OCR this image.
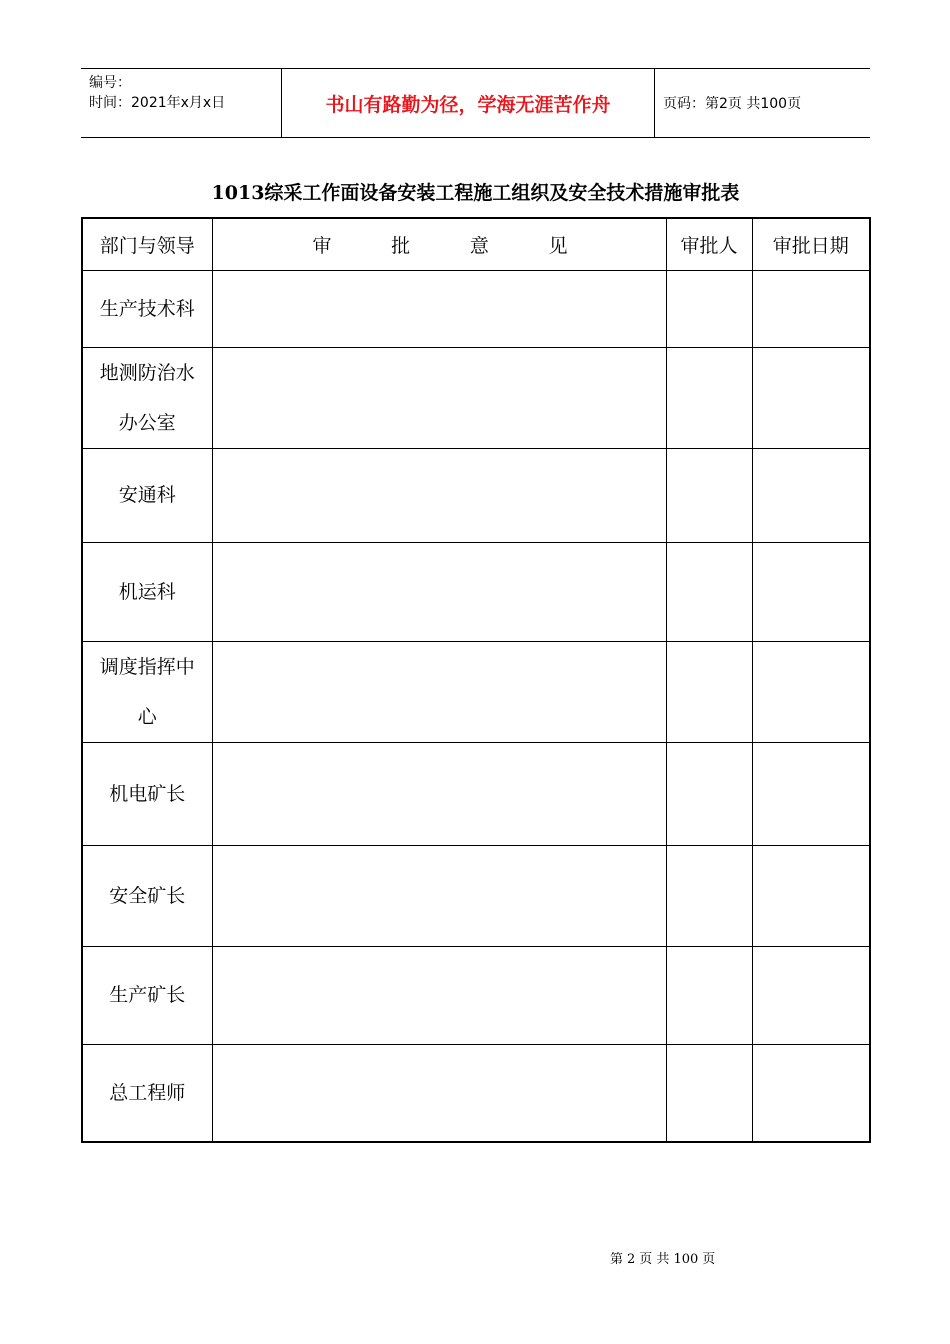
编号：
时间：2021年x月x日	书山有路勤为径，学海无涯苦作舟	页码：第2页 共100页
1013综采工作面设备安装工程施工组织及安全技术措施审批表
部门与领导	审 批 意 见	审批人	审批日期
生产技术科			
地测防治水办公室			
安通科			
机运科			
调度指挥中心			
机电矿长			
安全矿长			
生产矿长			
总工程师			
第 2 页 共 100 页
